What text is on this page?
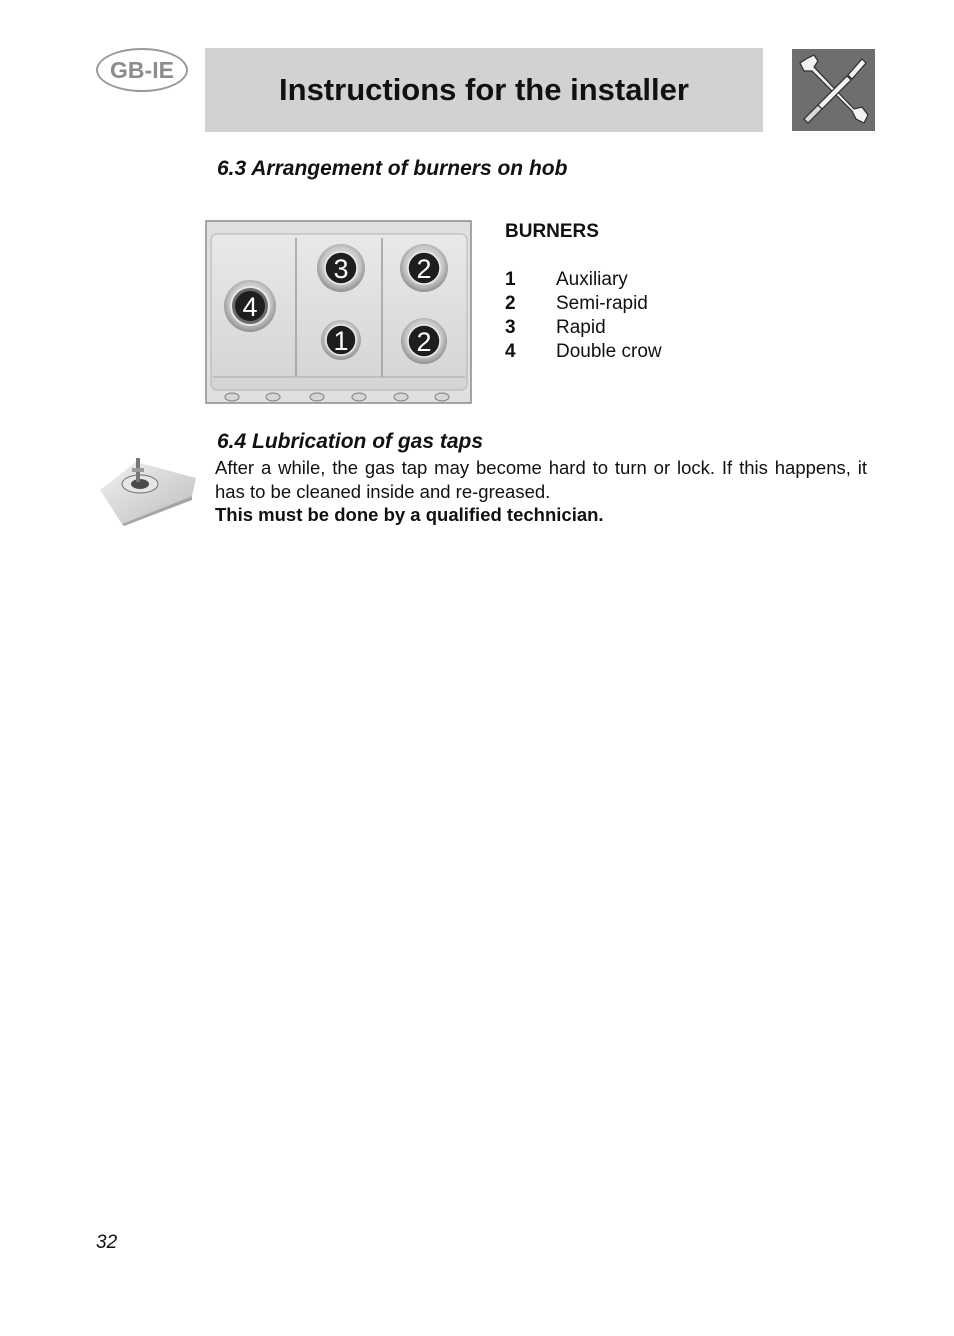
GB-IE
Instructions for the installer
6.3 Arrangement of burners on hob
4
3	2
1	2
BURNERS
1	Auxiliary
2	Semi-rapid
3	Rapid
4	Double crow
6.4 Lubrication of gas taps

After a while, the gas tap may become hard to turn or lock. If this happens, it has to be cleaned inside and re-greased.

This must be done by a qualified technician.

32
